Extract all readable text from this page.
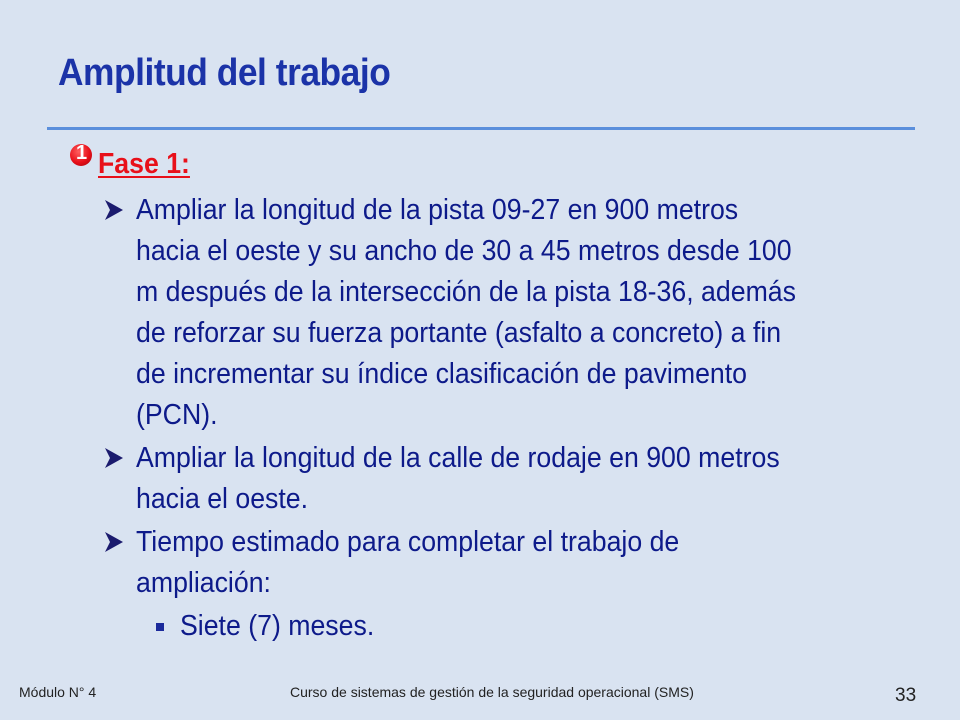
Amplitud del trabajo
1 Fase 1:
Ampliar la longitud de la pista 09-27 en 900 metros
hacia el oeste y su ancho de 30 a 45 metros desde 100
m después de la intersección de la pista 18-36, además
de reforzar su fuerza portante (asfalto a concreto) a fin
de incrementar su índice clasificación de pavimento
(PCN).
Ampliar la longitud de la calle de rodaje en 900 metros
hacia el oeste.
Tiempo estimado para completar el trabajo de
ampliación:
Siete (7) meses.
Módulo N° 4	Curso de sistemas de gestión de la seguridad operacional (SMS)	33
